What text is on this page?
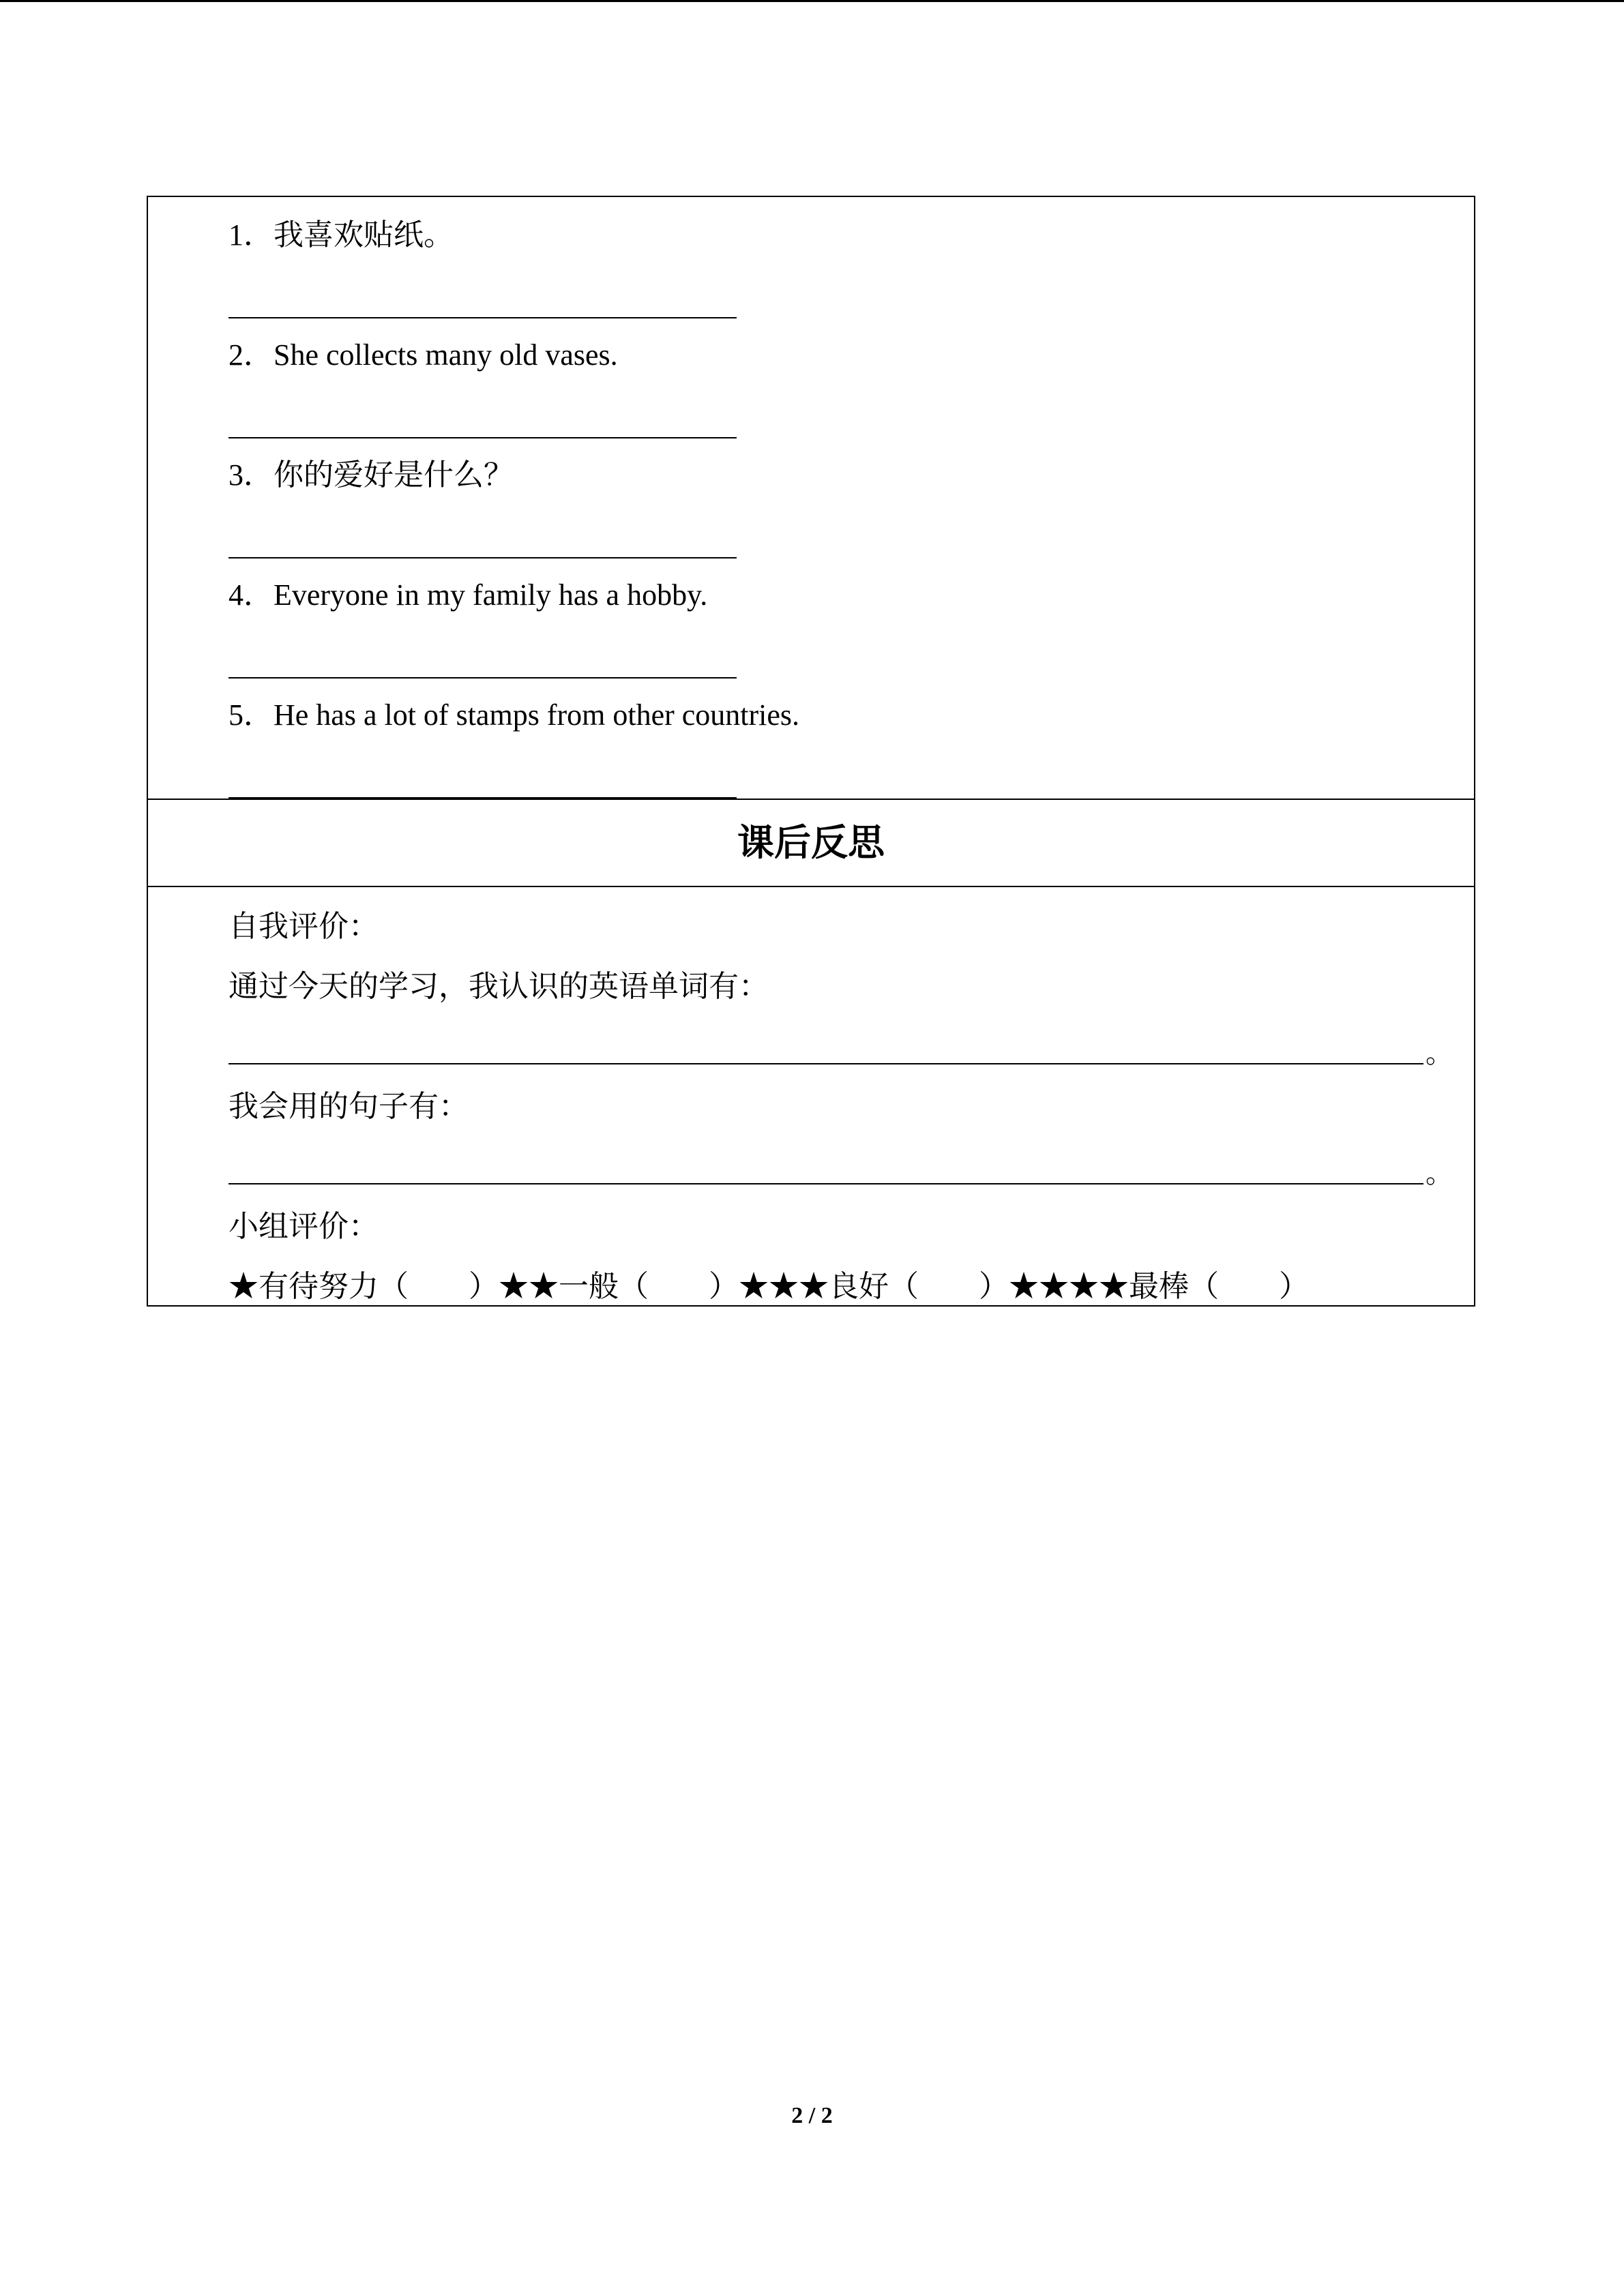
1．我喜欢贴纸。
2．She collects many old vases.
3．你的爱好是什么？
4．Everyone in my family has a hobby.
5．He has a lot of stamps from other countries.
课后反思
自我评价：
通过今天的学习，我认识的英语单词有：
。
我会用的句子有：
。
小组评价：
★有待努力（　　）★★一般（　　）★★★良好（　　）★★★★最棒（　　）
2 / 2
